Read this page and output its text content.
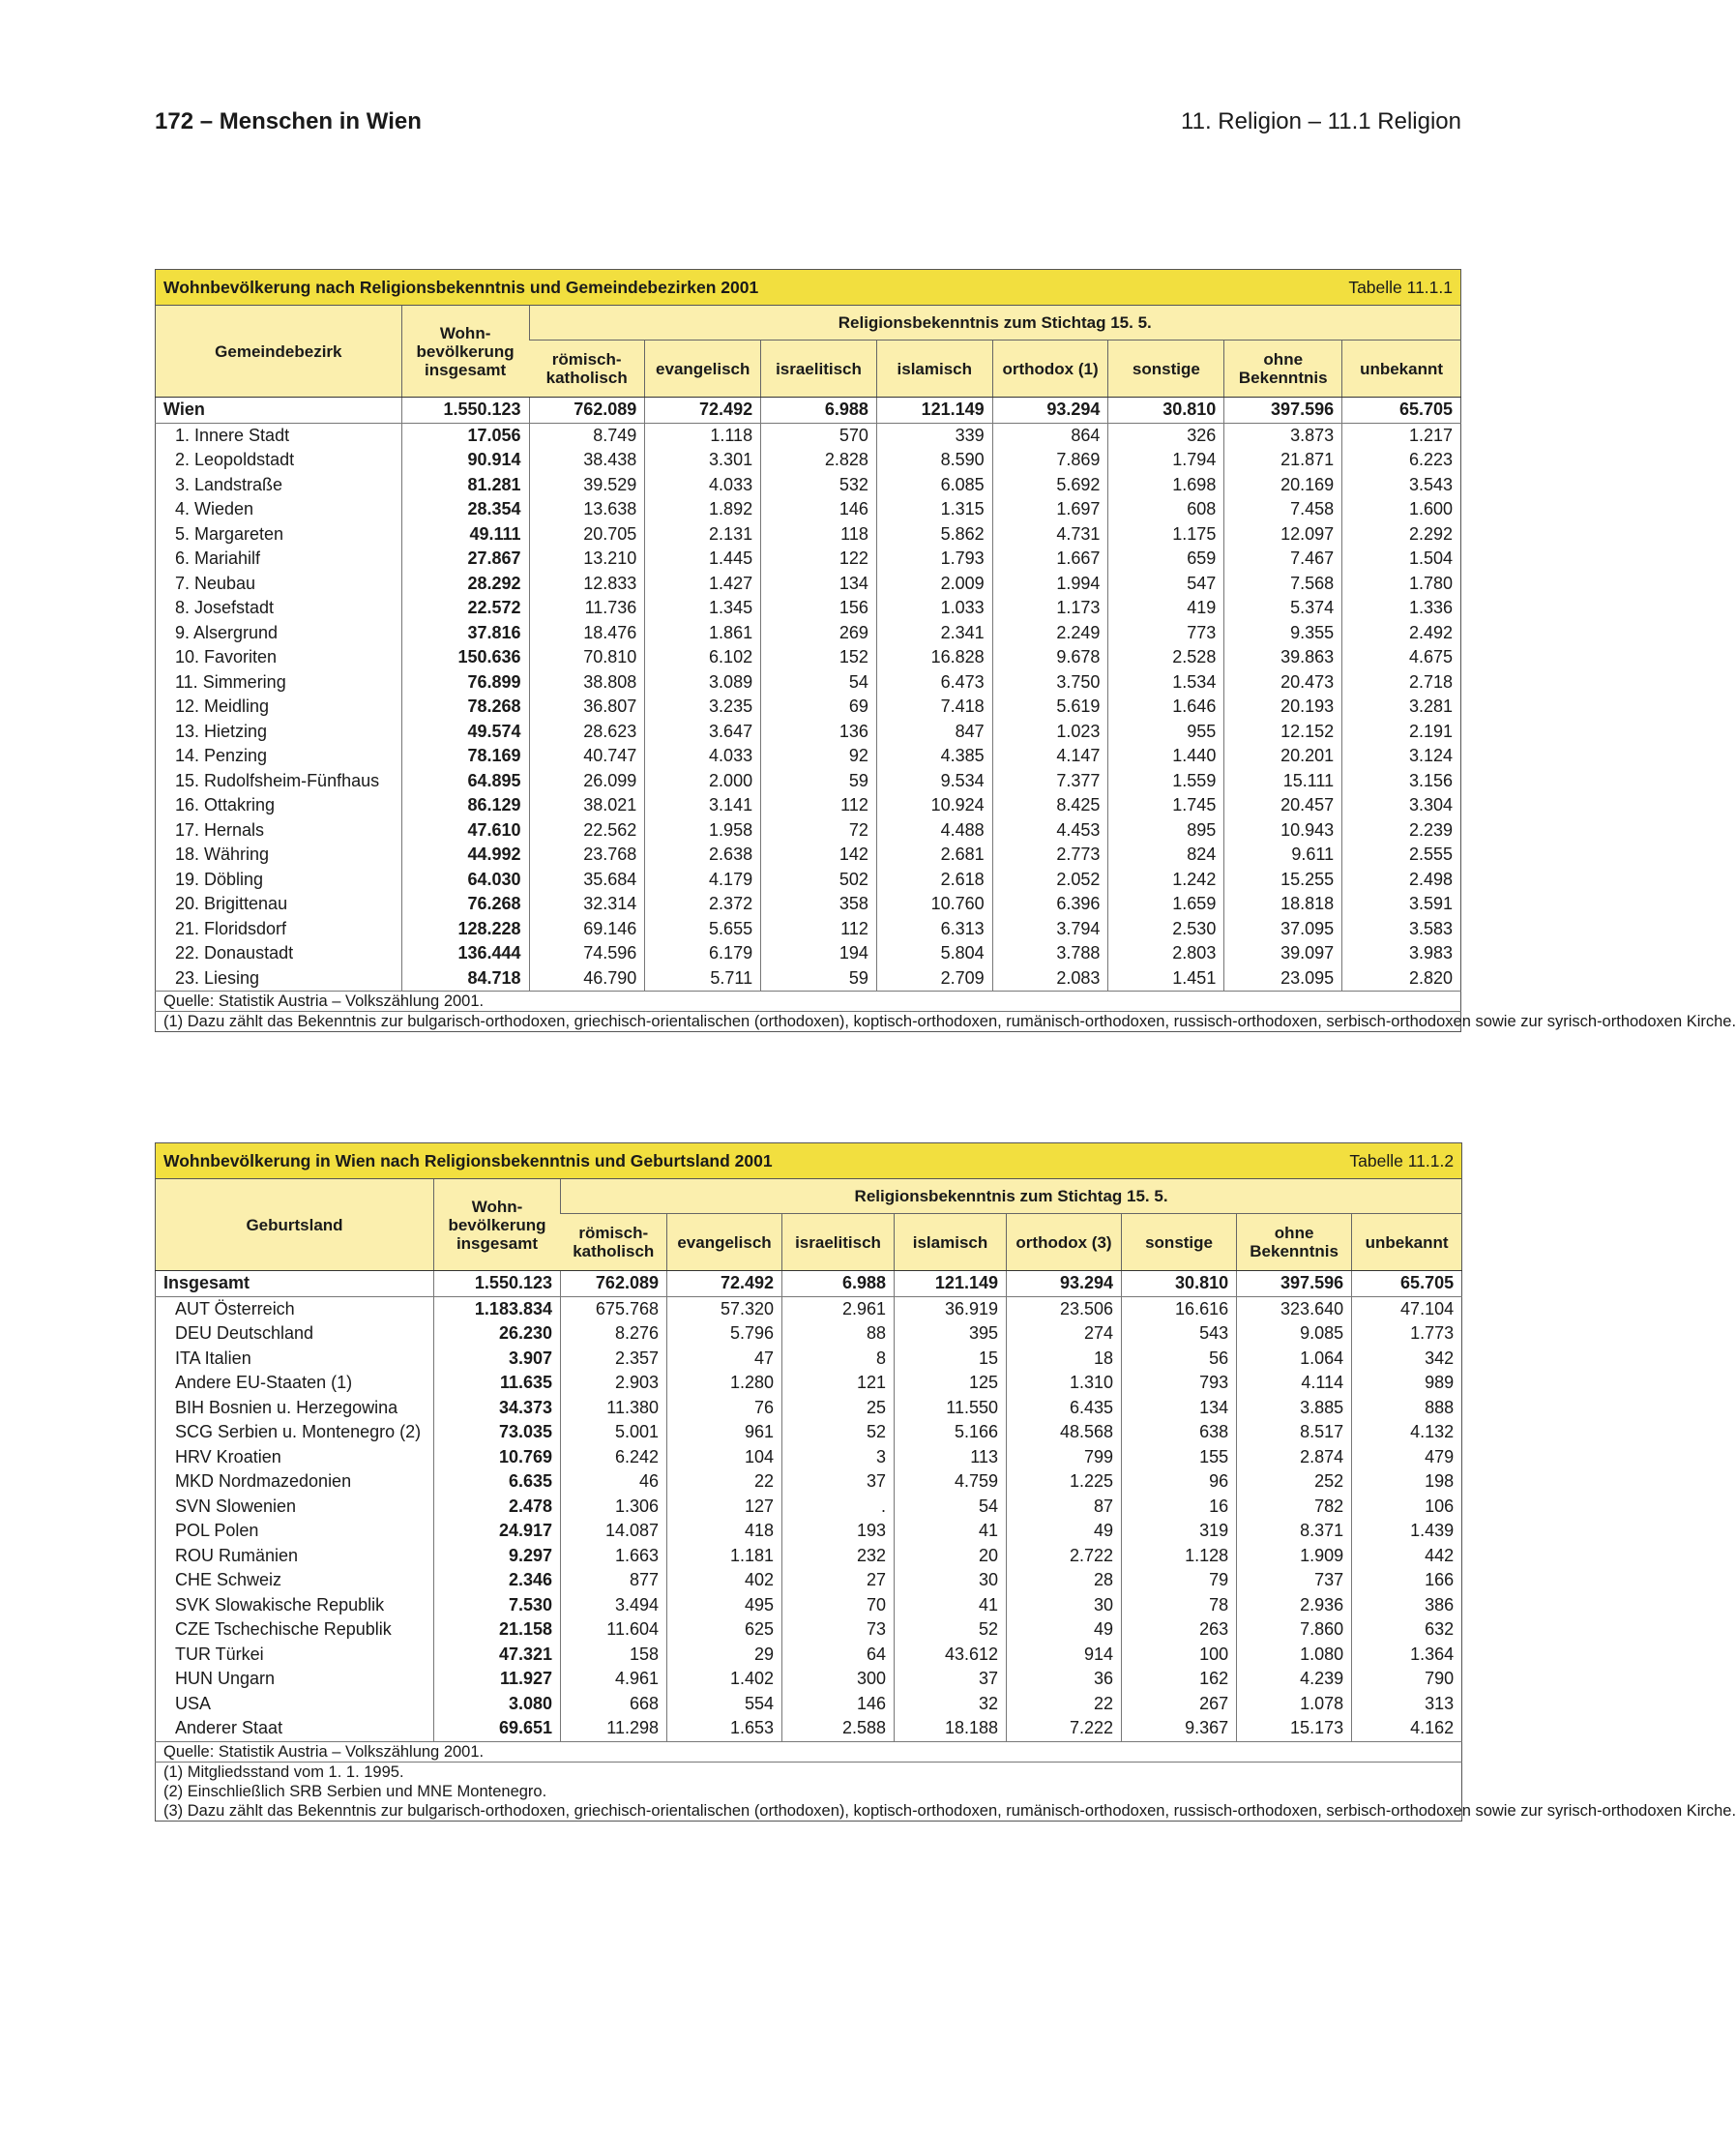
172 – Menschen in Wien	11. Religion – 11.1 Religion
Wohnbevölkerung nach Religionsbekenntnis und Gemeindebezirken 2001								Tabelle 11.1.1	
Gemeindebezirk	Wohn- bevölkerung insgesamt	Religionsbekenntnis zum Stichtag 15. 5.							
		römisch-katholisch	evangelisch	israelitisch	islamisch	orthodox (1)	sonstige	ohne Bekenntnis	unbekannt
Wien	1.550.123	762.089	72.492	6.988	121.149	93.294	30.810	397.596	65.705
1. Innere Stadt	17.056	8.749	1.118	570	339	864	326	3.873	1.217
2. Leopoldstadt	90.914	38.438	3.301	2.828	8.590	7.869	1.794	21.871	6.223
3. Landstraße	81.281	39.529	4.033	532	6.085	5.692	1.698	20.169	3.543
4. Wieden	28.354	13.638	1.892	146	1.315	1.697	608	7.458	1.600
5. Margareten	49.111	20.705	2.131	118	5.862	4.731	1.175	12.097	2.292
6. Mariahilf	27.867	13.210	1.445	122	1.793	1.667	659	7.467	1.504
7. Neubau	28.292	12.833	1.427	134	2.009	1.994	547	7.568	1.780
8. Josefstadt	22.572	11.736	1.345	156	1.033	1.173	419	5.374	1.336
9. Alsergrund	37.816	18.476	1.861	269	2.341	2.249	773	9.355	2.492
10. Favoriten	150.636	70.810	6.102	152	16.828	9.678	2.528	39.863	4.675
11. Simmering	76.899	38.808	3.089	54	6.473	3.750	1.534	20.473	2.718
12. Meidling	78.268	36.807	3.235	69	7.418	5.619	1.646	20.193	3.281
13. Hietzing	49.574	28.623	3.647	136	847	1.023	955	12.152	2.191
14. Penzing	78.169	40.747	4.033	92	4.385	4.147	1.440	20.201	3.124
15. Rudolfsheim-Fünfhaus	64.895	26.099	2.000	59	9.534	7.377	1.559	15.111	3.156
16. Ottakring	86.129	38.021	3.141	112	10.924	8.425	1.745	20.457	3.304
17. Hernals	47.610	22.562	1.958	72	4.488	4.453	895	10.943	2.239
18. Währing	44.992	23.768	2.638	142	2.681	2.773	824	9.611	2.555
19. Döbling	64.030	35.684	4.179	502	2.618	2.052	1.242	15.255	2.498
20. Brigittenau	76.268	32.314	2.372	358	10.760	6.396	1.659	18.818	3.591
21. Floridsdorf	128.228	69.146	5.655	112	6.313	3.794	2.530	37.095	3.583
22. Donaustadt	136.444	74.596	6.179	194	5.804	3.788	2.803	39.097	3.983
23. Liesing	84.718	46.790	5.711	59	2.709	2.083	1.451	23.095	2.820
Quelle: Statistik Austria – Volkszählung 2001.									

(1) Dazu zählt das Bekenntnis zur bulgarisch-orthodoxen, griechisch-orientalischen (orthodoxen), koptisch-orthodoxen, rumänisch-orthodoxen, russisch-orthodoxen, serbisch-orthodoxen sowie zur syrisch-orthodoxen Kirche.									
Wohnbevölkerung in Wien nach Religionsbekenntnis und Geburtsland 2001								Tabelle 11.1.2	
Geburtsland	Wohn- bevölkerung insgesamt	Religionsbekenntnis zum Stichtag 15. 5.							
		römisch-katholisch	evangelisch	israelitisch	islamisch	orthodox (3)	sonstige	ohne Bekenntnis	unbekannt
Insgesamt	1.550.123	762.089	72.492	6.988	121.149	93.294	30.810	397.596	65.705
AUT Österreich	1.183.834	675.768	57.320	2.961	36.919	23.506	16.616	323.640	47.104
DEU Deutschland	26.230	8.276	5.796	88	395	274	543	9.085	1.773
ITA Italien	3.907	2.357	47	8	15	18	56	1.064	342
Andere EU-Staaten (1)	11.635	2.903	1.280	121	125	1.310	793	4.114	989
BIH Bosnien u. Herzegowina	34.373	11.380	76	25	11.550	6.435	134	3.885	888
SCG Serbien u. Montenegro (2)	73.035	5.001	961	52	5.166	48.568	638	8.517	4.132
HRV Kroatien	10.769	6.242	104	3	113	799	155	2.874	479
MKD Nordmazedonien	6.635	46	22	37	4.759	1.225	96	252	198
SVN Slowenien	2.478	1.306	127	.	54	87	16	782	106
POL Polen	24.917	14.087	418	193	41	49	319	8.371	1.439
ROU Rumänien	9.297	1.663	1.181	232	20	2.722	1.128	1.909	442
CHE Schweiz	2.346	877	402	27	30	28	79	737	166
SVK Slowakische Republik	7.530	3.494	495	70	41	30	78	2.936	386
CZE Tschechische Republik	21.158	11.604	625	73	52	49	263	7.860	632
TUR Türkei	47.321	158	29	64	43.612	914	100	1.080	1.364
HUN Ungarn	11.927	4.961	1.402	300	37	36	162	4.239	790
USA	3.080	668	554	146	32	22	267	1.078	313
Anderer Staat	69.651	11.298	1.653	2.588	18.188	7.222	9.367	15.173	4.162
Quelle: Statistik Austria – Volkszählung 2001.									

(1) Mitgliedsstand vom 1. 1. 1995.
(2) Einschließlich SRB Serbien und MNE Montenegro.
(3) Dazu zählt das Bekenntnis zur bulgarisch-orthodoxen, griechisch-orientalischen (orthodoxen), koptisch-orthodoxen, rumänisch-orthodoxen, russisch-orthodoxen, serbisch-orthodoxen sowie zur syrisch-orthodoxen Kirche.									
